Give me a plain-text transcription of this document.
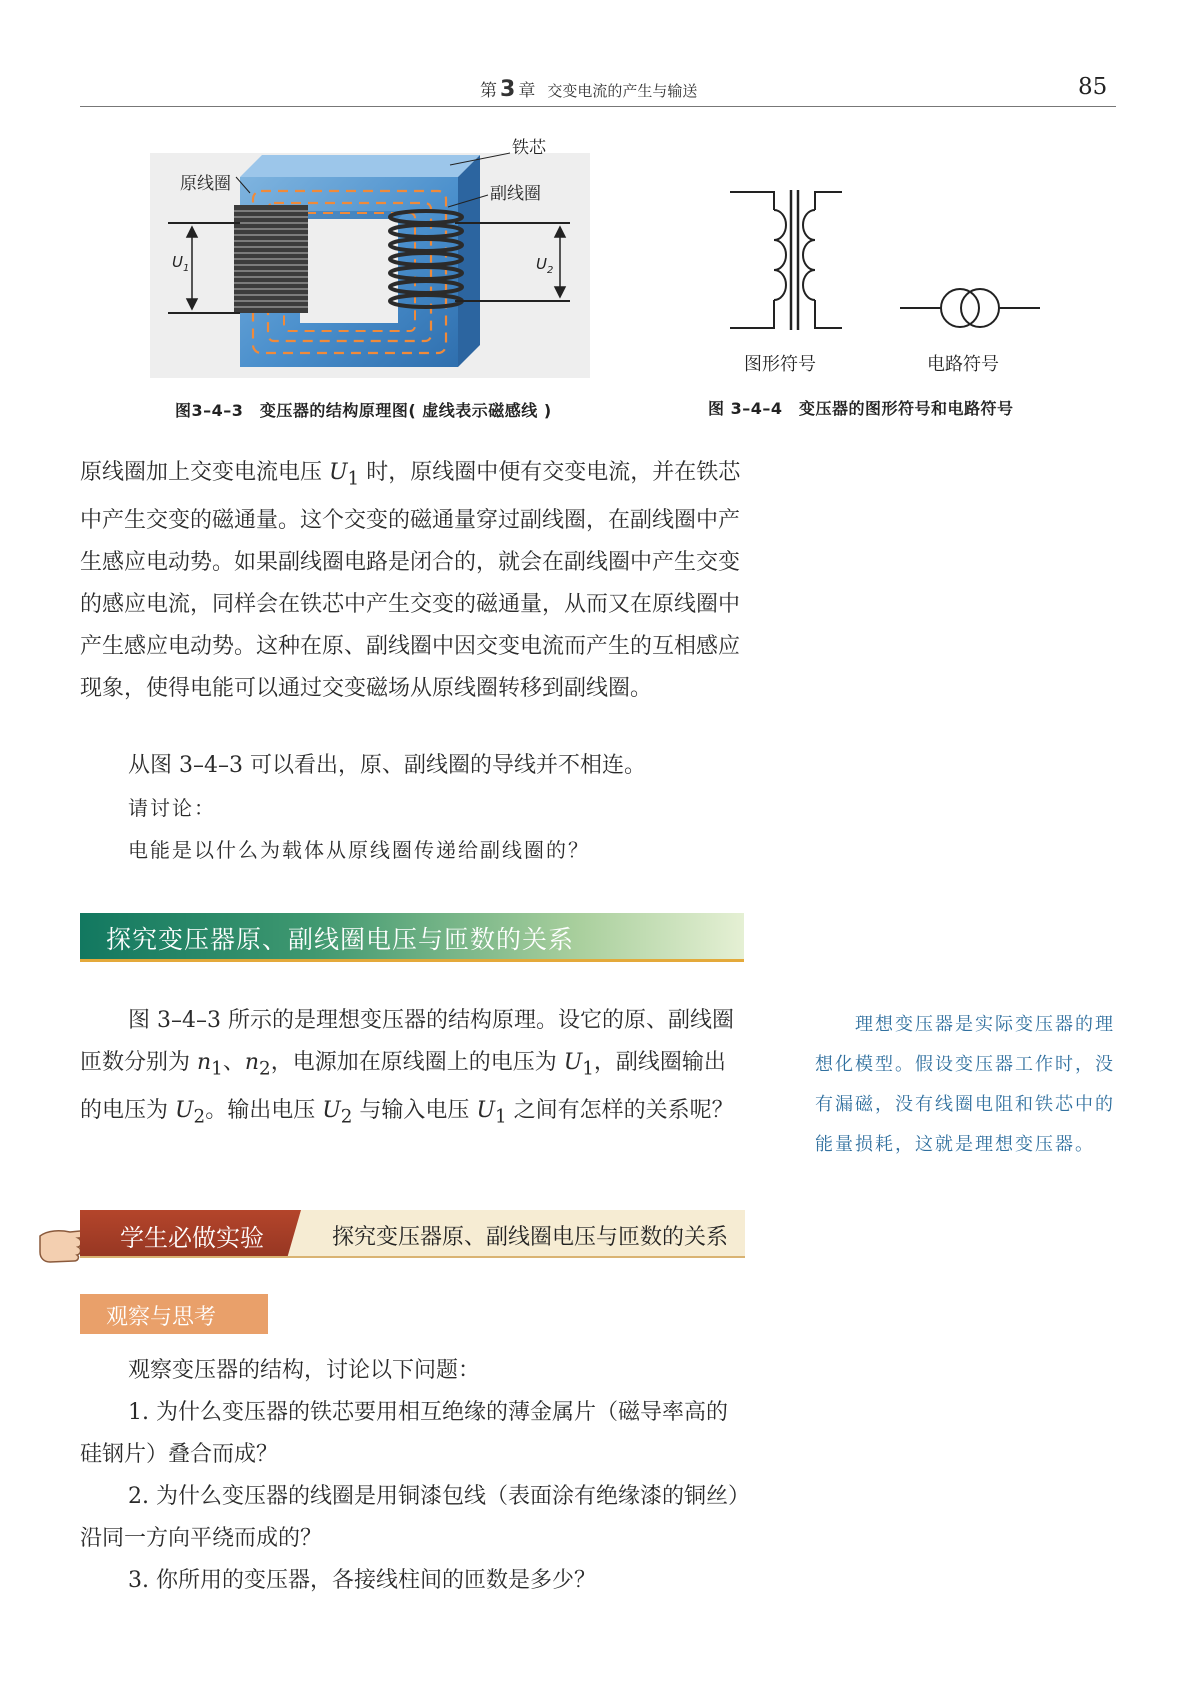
第 3 章 交变电流的产生与输送	85
$U_1$	$U_2$
原线圈	副线圈
铁芯
图3–4–3　变压器的结构原理图( 虚线表示磁感线 )
图形符号	电路符号
图 3–4–4　变压器的图形符号和电路符号

原线圈加上交变电流电压 $U_1$ 时，原线圈中便有交变电流，并在铁芯中产生交变的磁通量。这个交变的磁通量穿过副线圈，在副线圈中产生感应电动势。如果副线圈电路是闭合的，就会在副线圈中产生交变的感应电流，同样会在铁芯中产生交变的磁通量，从而又在原线圈中产生感应电动势。这种在原、副线圈中因交变电流而产生的互相感应现象，使得电能可以通过交变磁场从原线圈转移到副线圈。

从图 3–4–3 可以看出，原、副线圈的导线并不相连。

请讨论：

电能是以什么为载体从原线圈传递给副线圈的？

探究变压器原、副线圈电压与匝数的关系

图 3–4–3 所示的是理想变压器的结构原理。设它的原、副线圈匝数分别为 $n_1$、$n_2$，电源加在原线圈上的电压为 $U_1$，副线圈输出的电压为 $U_2$。输出电压 $U_2$ 与输入电压 $U_1$ 之间有怎样的关系呢？

理想变压器是实际变压器的理想化模型。假设变压器工作时，没有漏磁，没有线圈电阻和铁芯中的能量损耗，这就是理想变压器。

学生必做实验	探究变压器原、副线圈电压与匝数的关系
观察与思考

观察变压器的结构，讨论以下问题：

1. 为什么变压器的铁芯要用相互绝缘的薄金属片（磁导率高的硅钢片）叠合而成？

2. 为什么变压器的线圈是用铜漆包线（表面涂有绝缘漆的铜丝）沿同一方向平绕而成的？

3. 你所用的变压器，各接线柱间的匝数是多少？
